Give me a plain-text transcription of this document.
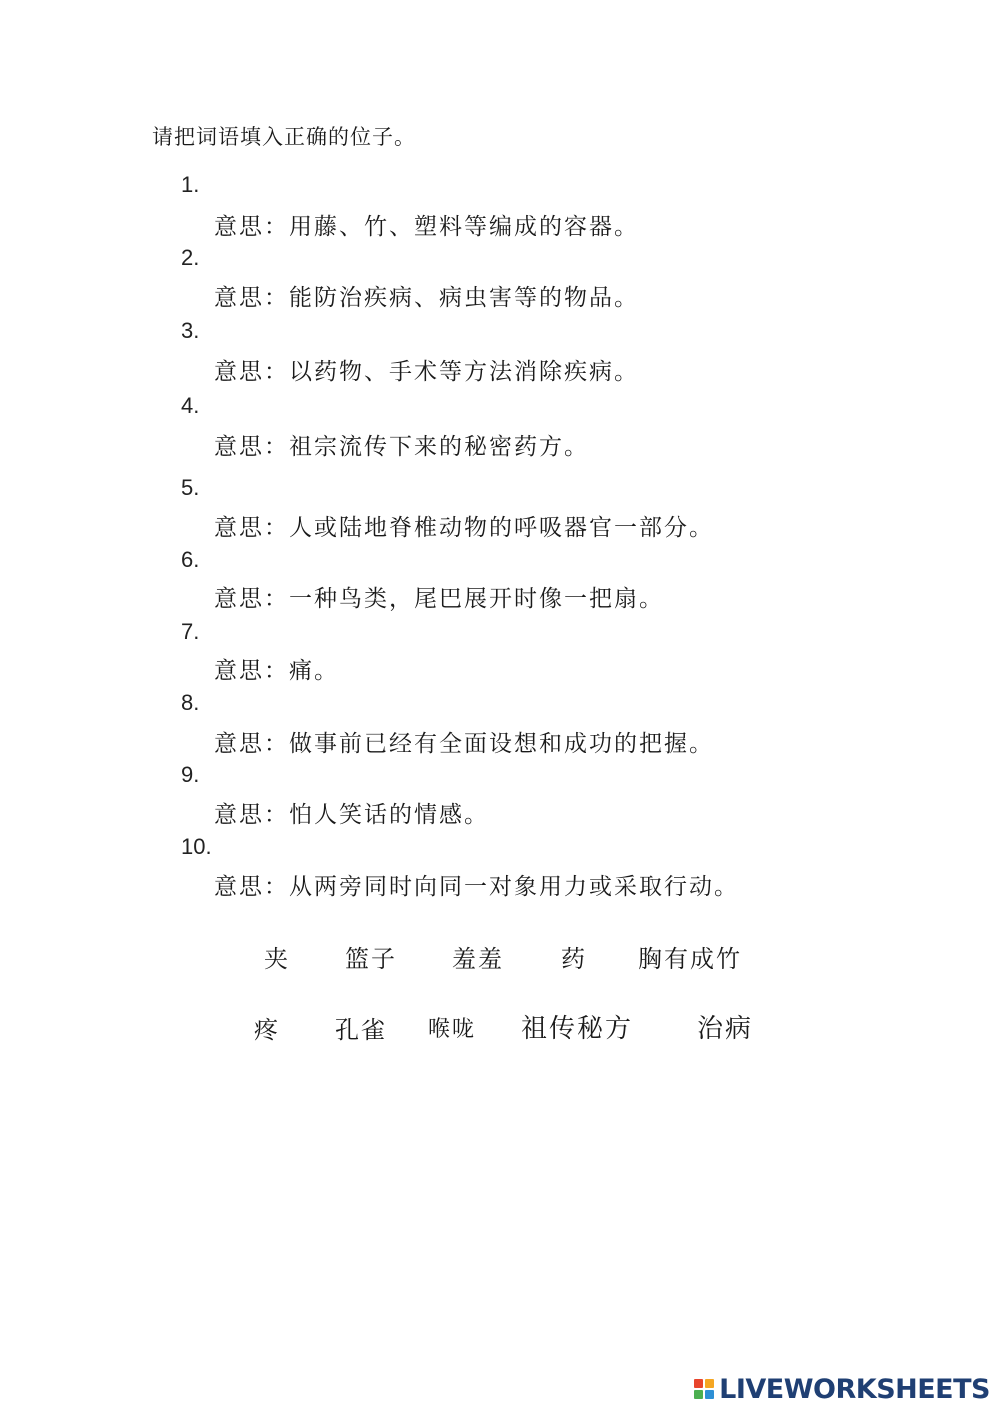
请把词语填入正确的位子。
1.
意思：用藤、竹、塑料等编成的容器。
2.
意思：能防治疾病、病虫害等的物品。
3.
意思：以药物、手术等方法消除疾病。
4.
意思：祖宗流传下来的秘密药方。
5.
意思：人或陆地脊椎动物的呼吸器官一部分。
6.
意思：一种鸟类，尾巴展开时像一把扇。
7.
意思：痛。
8.
意思：做事前已经有全面设想和成功的把握。
9.
意思：怕人笑话的情感。
10.
意思：从两旁同时向同一对象用力或采取行动。
夹 篮子 羞羞 药 胸有成竹
疼 孔雀 喉咙 祖传秘方 治病
LIVEWORKSHEETS
